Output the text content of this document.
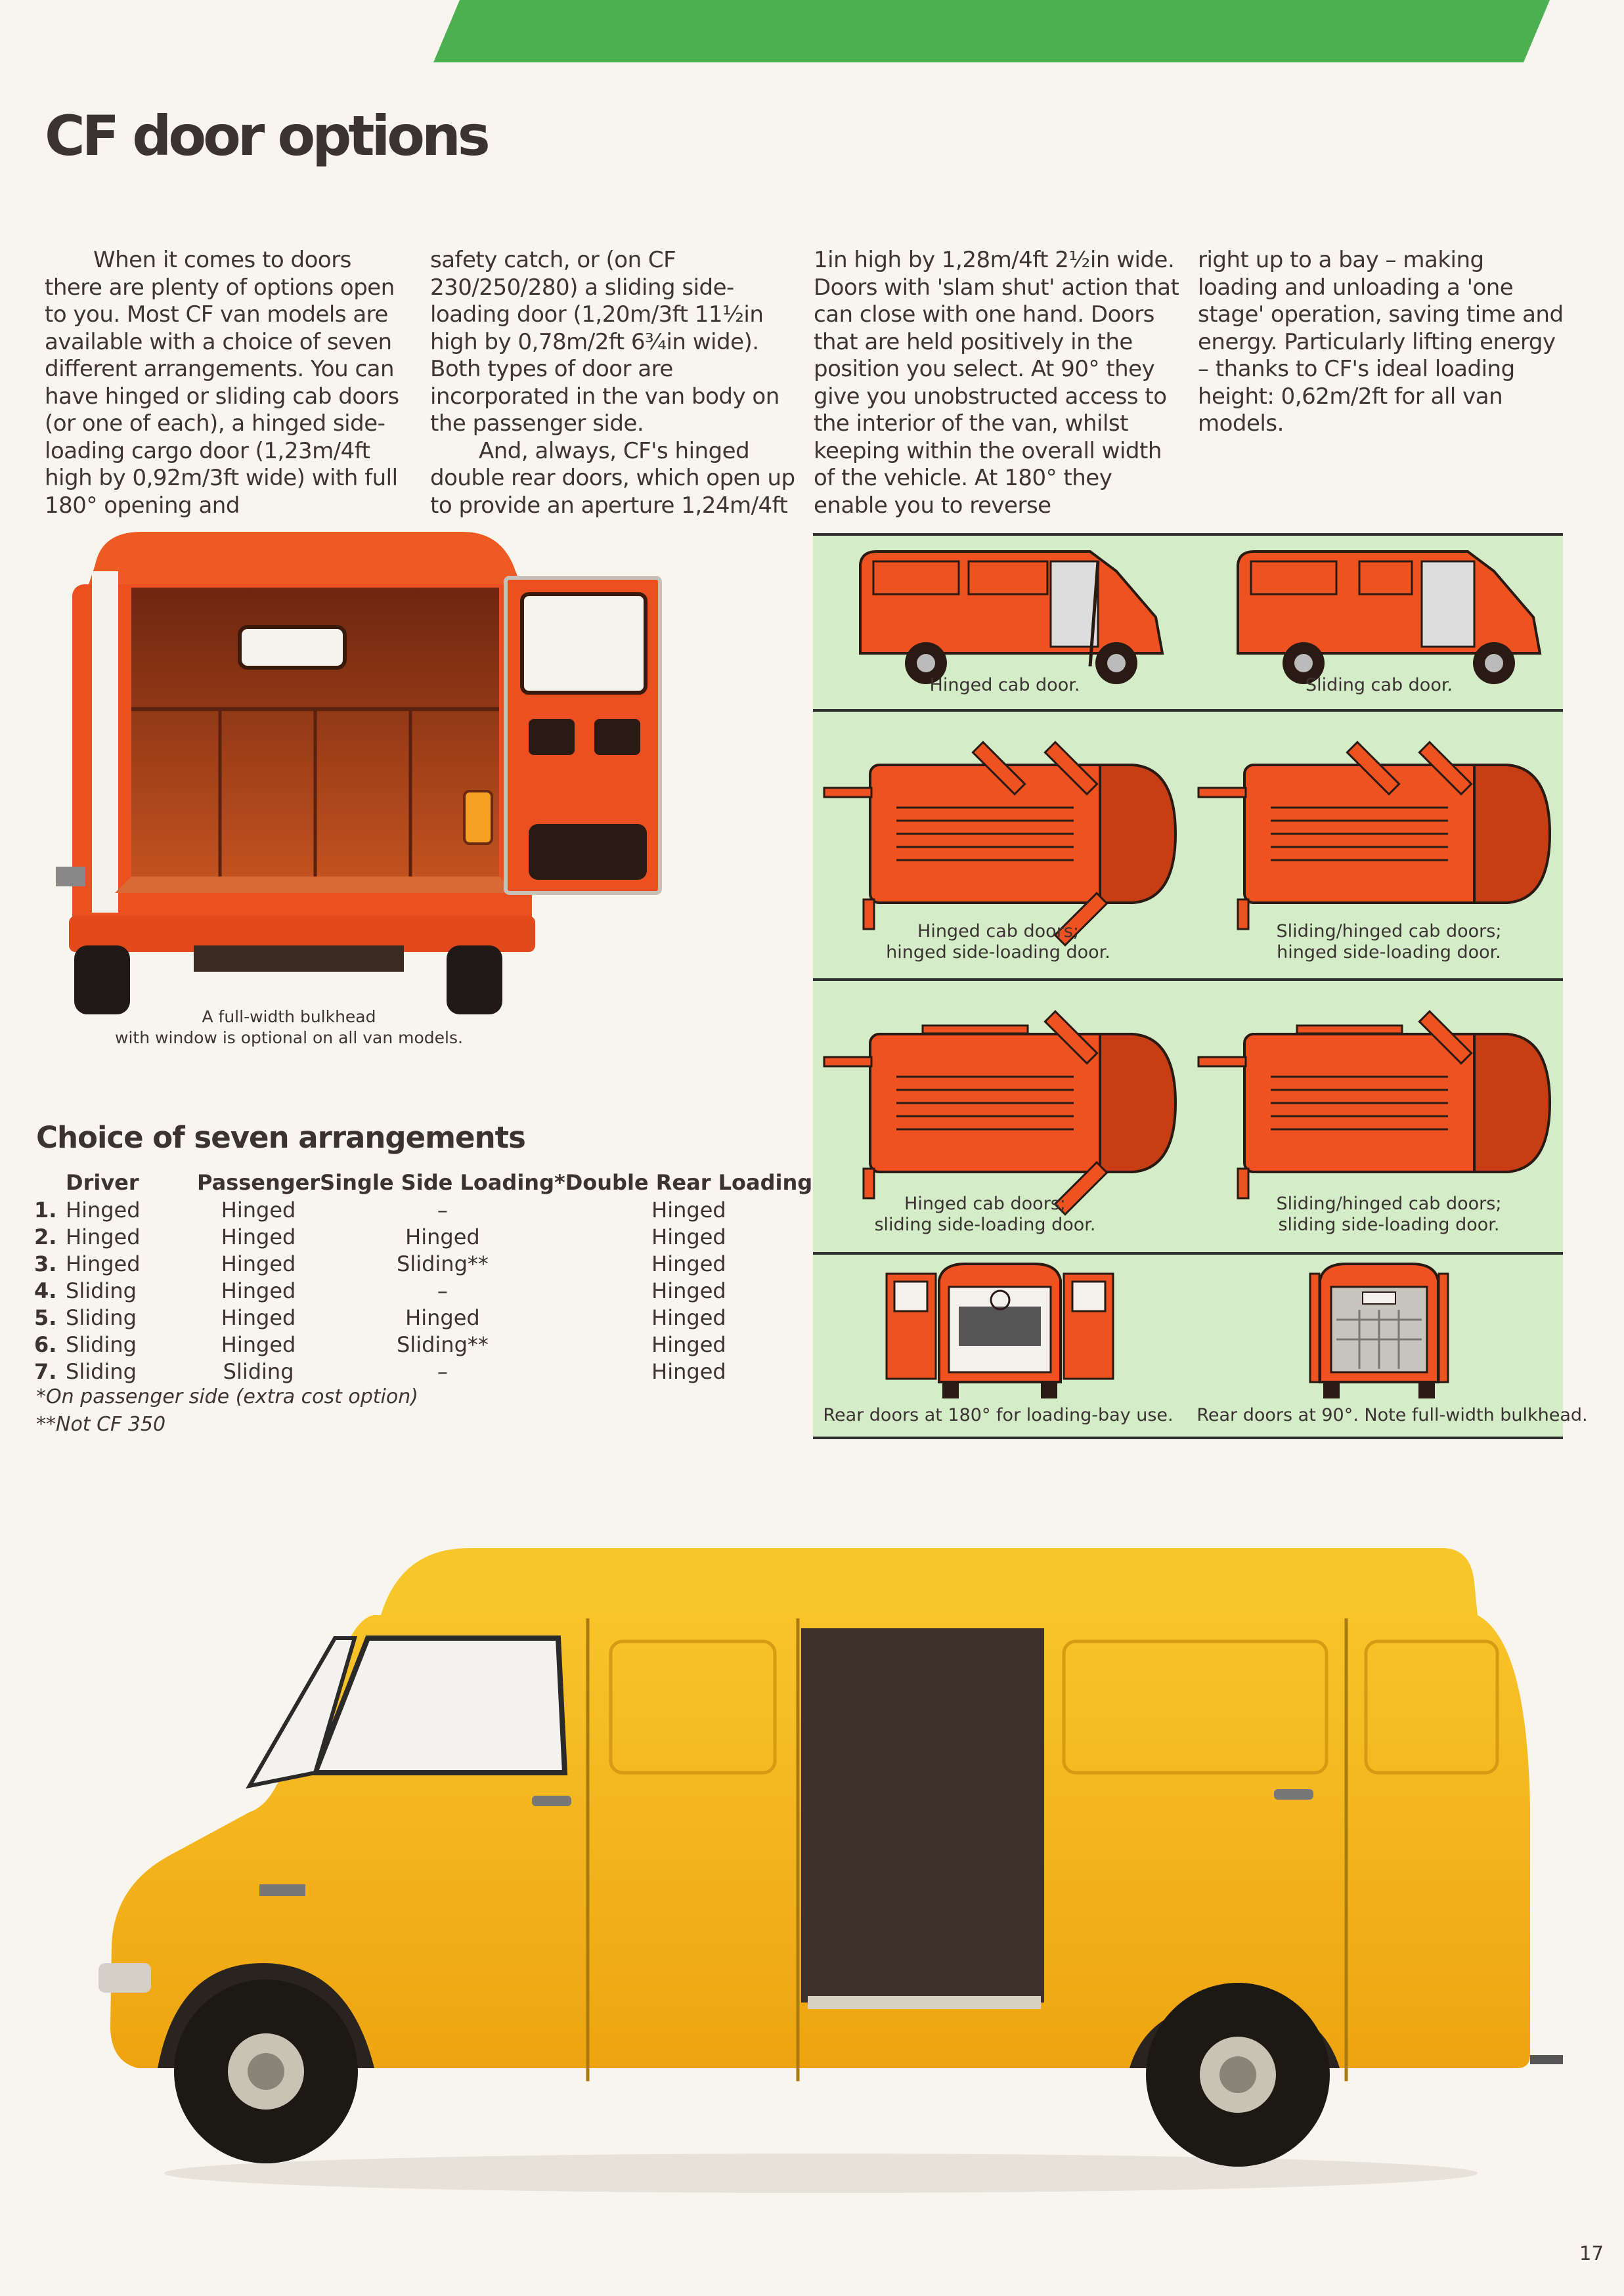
CF door options

When it comes to doors there are plenty of options open to you. Most CF van models are available with a choice of seven different arrangements. You can have hinged or sliding cab doors (or one of each), a hinged side-loading cargo door (1,23m/4ft high by 0,92m/3ft wide) with full 180° opening and

safety catch, or (on CF 230/250/280) a sliding side-loading door (1,20m/3ft 11½in high by 0,78m/2ft 6¾in wide). Both types of door are incorporated in the van body on the passenger side.

And, always, CF's hinged double rear doors, which open up to provide an aperture 1,24m/4ft

1in high by 1,28m/4ft 2½in wide. Doors with 'slam shut' action that can close with one hand. Doors that are held positively in the position you select. At 90° they give you unobstructed access to the interior of the van, whilst keeping within the overall width of the vehicle. At 180° they enable you to reverse

right up to a bay – making loading and unloading a 'one stage' operation, saving time and energy. Particularly lifting energy – thanks to CF's ideal loading height: 0,62m/2ft for all van models.

A full-width bulkhead
with window is optional on all van models.
Choice of seven arrangements
Driver		Passenger	Single Side Loading*	Double Rear Loading
1.	Hinged	Hinged	–	Hinged
2.	Hinged	Hinged	Hinged	Hinged
3.	Hinged	Hinged	Sliding**	Hinged
4.	Sliding	Hinged	–	Hinged
5.	Sliding	Hinged	Hinged	Hinged
6.	Sliding	Hinged	Sliding**	Hinged
7.	Sliding	Sliding	–	Hinged
*On passenger side (extra cost option)
**Not CF 350
Hinged cab door.	Sliding cab door.
Hinged cab doors;
hinged side-loading door.
Sliding/hinged cab doors;
hinged side-loading door.
Hinged cab doors;
sliding side-loading door.
Sliding/hinged cab doors;
sliding side-loading door.
Rear doors at 180° for loading-bay use.	Rear doors at 90°. Note full-width bulkhead.
17
